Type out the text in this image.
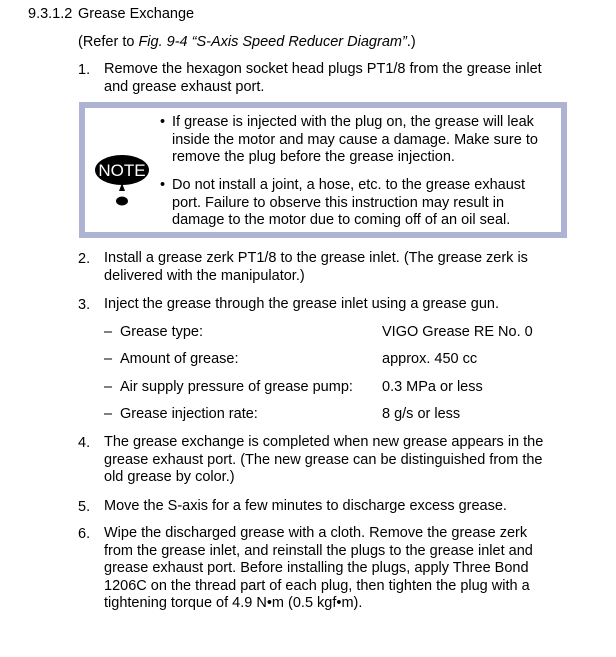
9.3.1.2 Grease Exchange
(Refer to Fig. 9-4 “S-Axis Speed Reducer Diagram”.)
1. Remove the hexagon socket head plugs PT1/8 from the grease inlet
and grease exhaust port.
NOTE
• If grease is injected with the plug on, the grease will leak
inside the motor and may cause a damage. Make sure to
remove the plug before the grease injection.
• Do not install a joint, a hose, etc. to the grease exhaust
port. Failure to observe this instruction may result in
damage to the motor due to coming off of an oil seal.
2. Install a grease zerk PT1/8 to the grease inlet. (The grease zerk is
delivered with the manipulator.)
3. Inject the grease through the grease inlet using a grease gun.
– Grease type:	VIGO Grease RE No. 0
– Amount of grease:	approx. 450 cc
– Air supply pressure of grease pump: 0.3 MPa or less
– Grease injection rate:	8 g/s or less
4. The grease exchange is completed when new grease appears in the
grease exhaust port. (The new grease can be distinguished from the
old grease by color.)
5. Move the S-axis for a few minutes to discharge excess grease.
6. Wipe the discharged grease with a cloth. Remove the grease zerk
from the grease inlet, and reinstall the plugs to the grease inlet and
grease exhaust port. Before installing the plugs, apply Three Bond
1206C on the thread part of each plug, then tighten the plug with a
tightening torque of 4.9 N•m (0.5 kgf•m).
